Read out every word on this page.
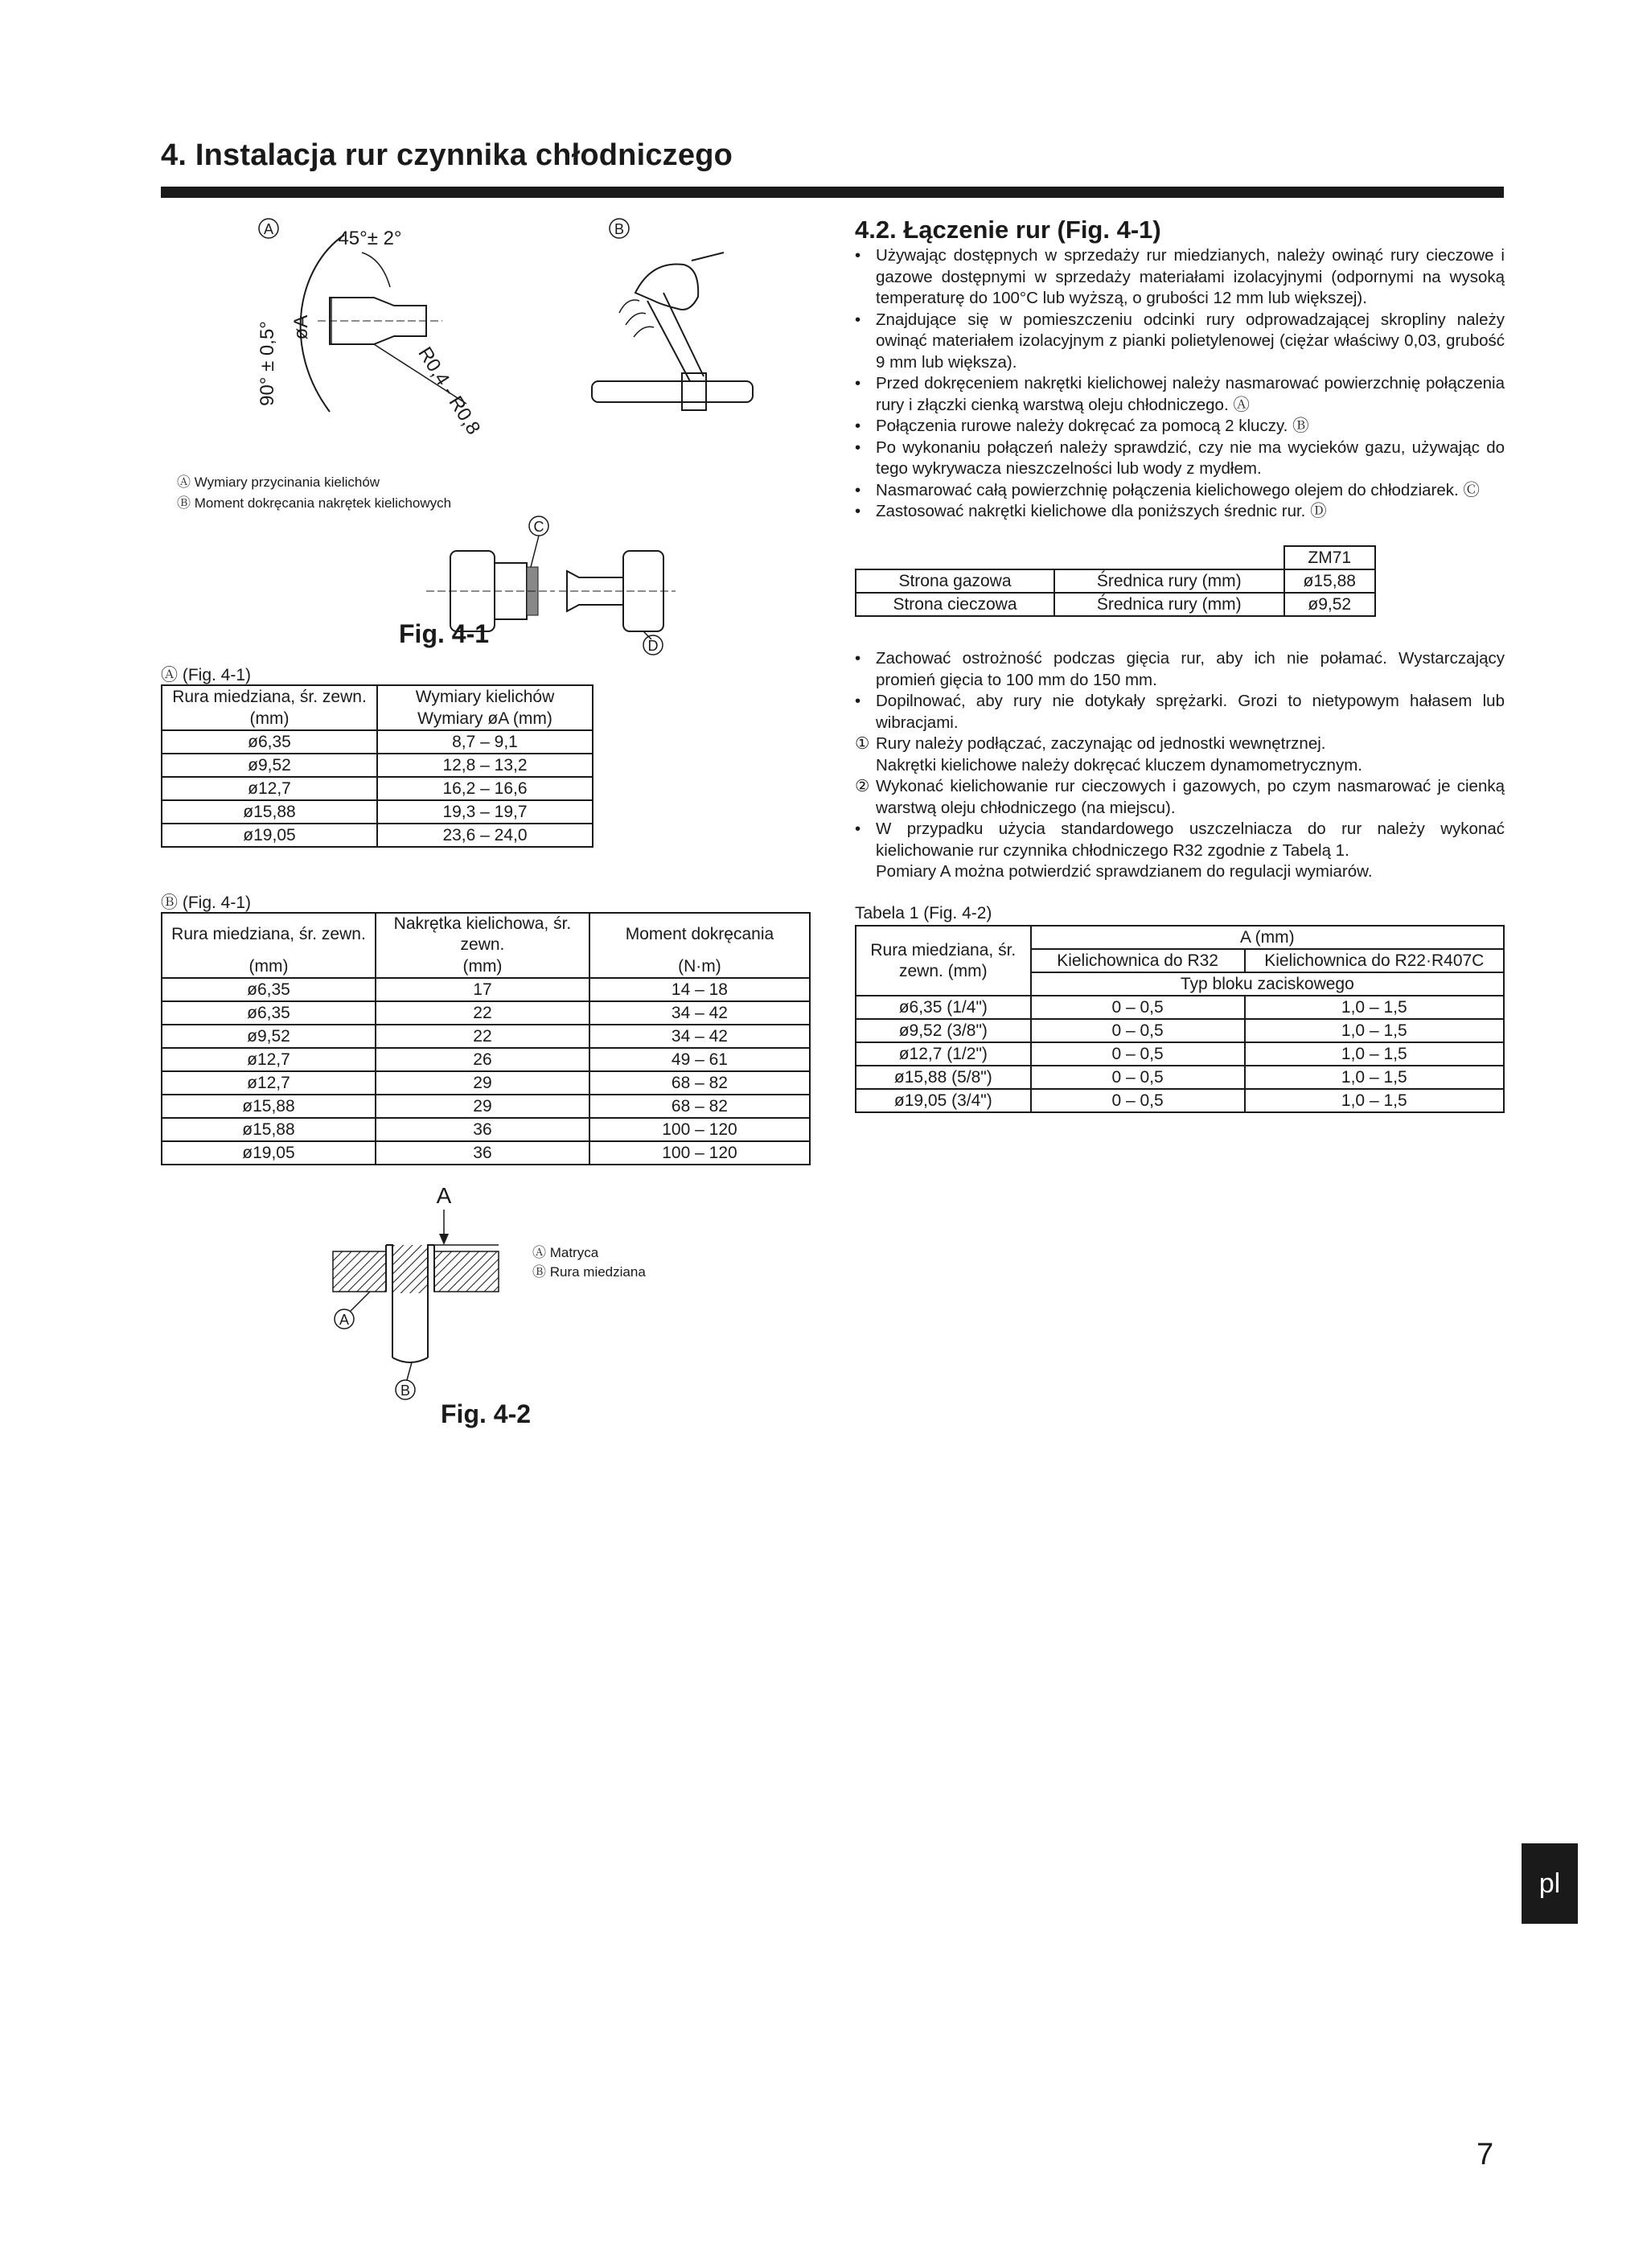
4. Instalacja rur czynnika chłodniczego
A	45°± 2°
90° ± 0,5° øA
R0,4 - R0,8
B
Ⓐ Wymiary przycinania kielichów
Ⓑ Moment dokręcania nakrętek kielichowych
C
D
Fig. 4-1
Ⓐ (Fig. 4-1)
Rura miedziana, śr. zewn.	Wymiary kielichów
(mm)	Wymiary øA (mm)
ø6,35	8,7 – 9,1
ø9,52	12,8 – 13,2
ø12,7	16,2 – 16,6
ø15,88	19,3 – 19,7
ø19,05	23,6 – 24,0
Ⓑ (Fig. 4-1)
Rura miedziana, śr. zewn.	Nakrętka kielichowa, śr. zewn.	Moment dokręcania
(mm)	(mm)	(N·m)
ø6,35	17	14 – 18
ø6,35	22	34 – 42
ø9,52	22	34 – 42
ø12,7	26	49 – 61
ø12,7	29	68 – 82
ø15,88	29	68 – 82
ø15,88	36	100 – 120
ø19,05	36	100 – 120
A
A
B
Ⓐ Matryca
Ⓑ Rura miedziana
Fig. 4-2
4.2. Łączenie rur (Fig. 4-1)
• Używając dostępnych w sprzedaży rur miedzianych, należy owinąć rury cieczowe i gazowe dostępnymi w sprzedaży materiałami izolacyjnymi (odpornymi na wysoką temperaturę do 100°C lub wyższą, o grubości 12 mm lub większej).
• Znajdujące się w pomieszczeniu odcinki rury odprowadzającej skropliny należy owinąć materiałem izolacyjnym z pianki polietylenowej (ciężar właściwy 0,03, grubość 9 mm lub większa).
• Przed dokręceniem nakrętki kielichowej należy nasmarować powierzchnię połączenia rury i złączki cienką warstwą oleju chłodniczego. Ⓐ
• Połączenia rurowe należy dokręcać za pomocą 2 kluczy. Ⓑ
• Po wykonaniu połączeń należy sprawdzić, czy nie ma wycieków gazu, używając do tego wykrywacza nieszczelności lub wody z mydłem.
• Nasmarować całą powierzchnię połączenia kielichowego olejem do chłodziarek. Ⓒ
• Zastosować nakrętki kielichowe dla poniższych średnic rur. Ⓓ
		ZM71
Strona gazowa	Średnica rury (mm)	ø15,88
Strona cieczowa	Średnica rury (mm)	ø9,52
• Zachować ostrożność podczas gięcia rur, aby ich nie połamać. Wystarczający promień gięcia to 100 mm do 150 mm.
• Dopilnować, aby rury nie dotykały sprężarki. Grozi to nietypowym hałasem lub wibracjami.
① Rury należy podłączać, zaczynając od jednostki wewnętrznej.
Nakrętki kielichowe należy dokręcać kluczem dynamometrycznym.
② Wykonać kielichowanie rur cieczowych i gazowych, po czym nasmarować je cienką warstwą oleju chłodniczego (na miejscu).
• W przypadku użycia standardowego uszczelniacza do rur należy wykonać kielichowanie rur czynnika chłodniczego R32 zgodnie z Tabelą 1.
Pomiary A można potwierdzić sprawdzianem do regulacji wymiarów.
Tabela 1 (Fig. 4-2)
Rura miedziana, śr. zewn. (mm)	A (mm)	
	Kielichownica do R32	Kielichownica do R22·R407C
	Typ bloku zaciskowego	
ø6,35 (1/4")	0 – 0,5	1,0 – 1,5
ø9,52 (3/8")	0 – 0,5	1,0 – 1,5
ø12,7 (1/2")	0 – 0,5	1,0 – 1,5
ø15,88 (5/8")	0 – 0,5	1,0 – 1,5
ø19,05 (3/4")	0 – 0,5	1,0 – 1,5
pl
7
